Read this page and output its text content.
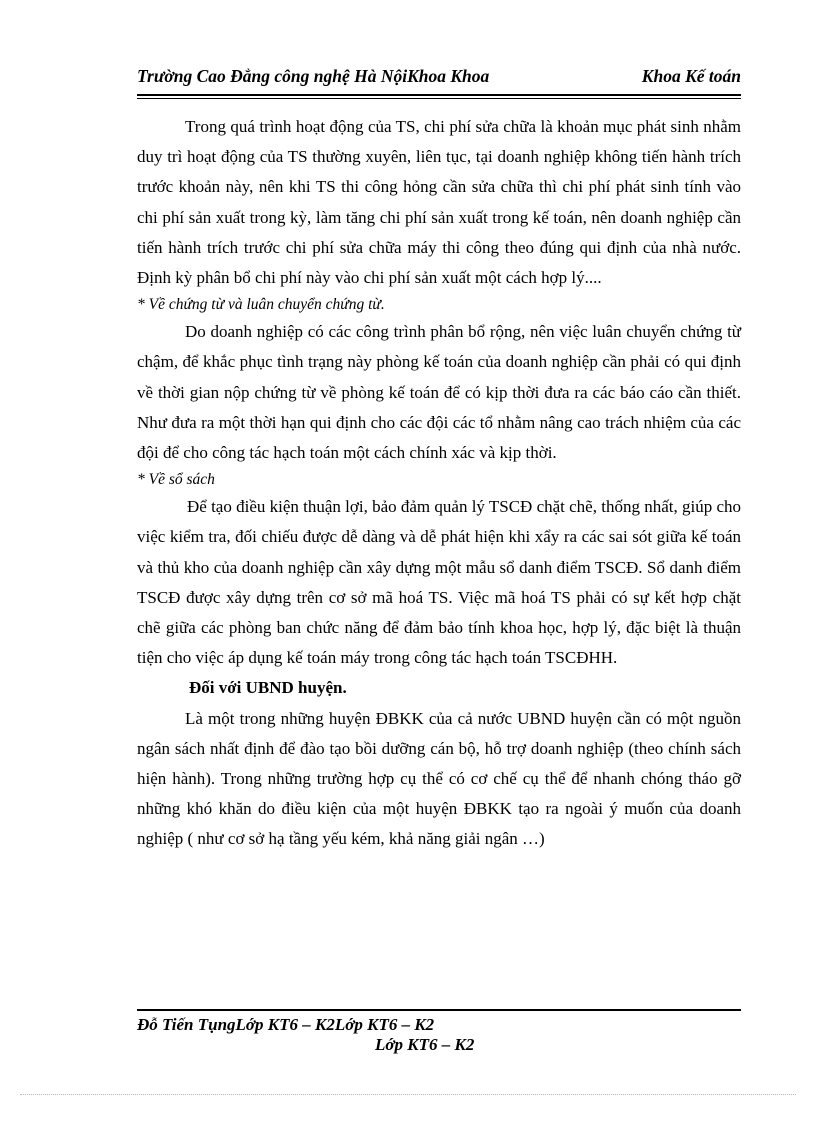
Trường Cao Đẳng công nghệ Hà NộiKhoa Khoa	Khoa Kế toán

Trong quá trình hoạt động của TS, chi phí sửa chữa là khoản mục phát sinh nhằm duy trì hoạt động của TS thường xuyên, liên tục, tại doanh nghiệp không tiến hành trích trước khoản này, nên khi TS thi công hỏng cần sửa chữa thì chi phí phát sinh tính vào chi phí sản xuất trong kỳ, làm tăng chi phí sản xuất trong kế toán, nên doanh nghiệp cần tiến hành trích trước chi phí sửa chữa máy thi công theo đúng qui định của nhà nước. Định kỳ phân bổ chi phí này vào chi phí sản xuất một cách hợp lý....

* Về chứng từ và luân chuyển chứng từ.

Do doanh nghiệp có các công trình phân bổ rộng, nên việc luân chuyển chứng từ chậm, để khắc phục tình trạng này phòng kế toán của doanh nghiệp cần phải có qui định về thời gian nộp chứng từ về phòng kế toán để có kịp thời đưa ra các báo cáo cần thiết. Như đưa ra một thời hạn qui định cho các đội các tổ nhằm nâng cao trách nhiệm của các đội để cho công tác hạch toán một cách chính xác và kịp thời.

* Về sổ sách

Để tạo điều kiện thuận lợi, bảo đảm quản lý TSCĐ chặt chẽ, thống nhất, giúp cho việc kiểm tra, đối chiếu được dễ dàng và dễ phát hiện khi xẩy ra các sai sót giữa kế toán và thủ kho của doanh nghiệp cần xây dựng một mẫu sổ danh điểm TSCĐ. Sổ danh điểm TSCĐ được xây dựng trên cơ sở mã hoá TS. Việc mã hoá TS phải có sự kết hợp chặt chẽ giữa các phòng ban chức năng để đảm bảo tính khoa học, hợp lý, đặc biệt là thuận tiện cho việc áp dụng kế toán máy trong công tác hạch toán TSCĐHH.

Đối với UBND huyện.

Là một trong những huyện ĐBKK của cả nước UBND huyện cần có một nguồn ngân sách nhất định để đào tạo bồi dưỡng cán bộ, hỗ trợ doanh nghiệp (theo chính sách hiện hành). Trong những trường hợp cụ thể có cơ chế cụ thể để nhanh chóng tháo gỡ những khó khăn do điều kiện của một huyện ĐBKK tạo ra ngoài ý muốn của doanh nghiệp ( như cơ sở hạ tầng yếu kém, khả năng giải ngân …)

Đỗ Tiến TụngLớp KT6 – K2Lớp KT6 – K2
Lớp KT6 – K2
